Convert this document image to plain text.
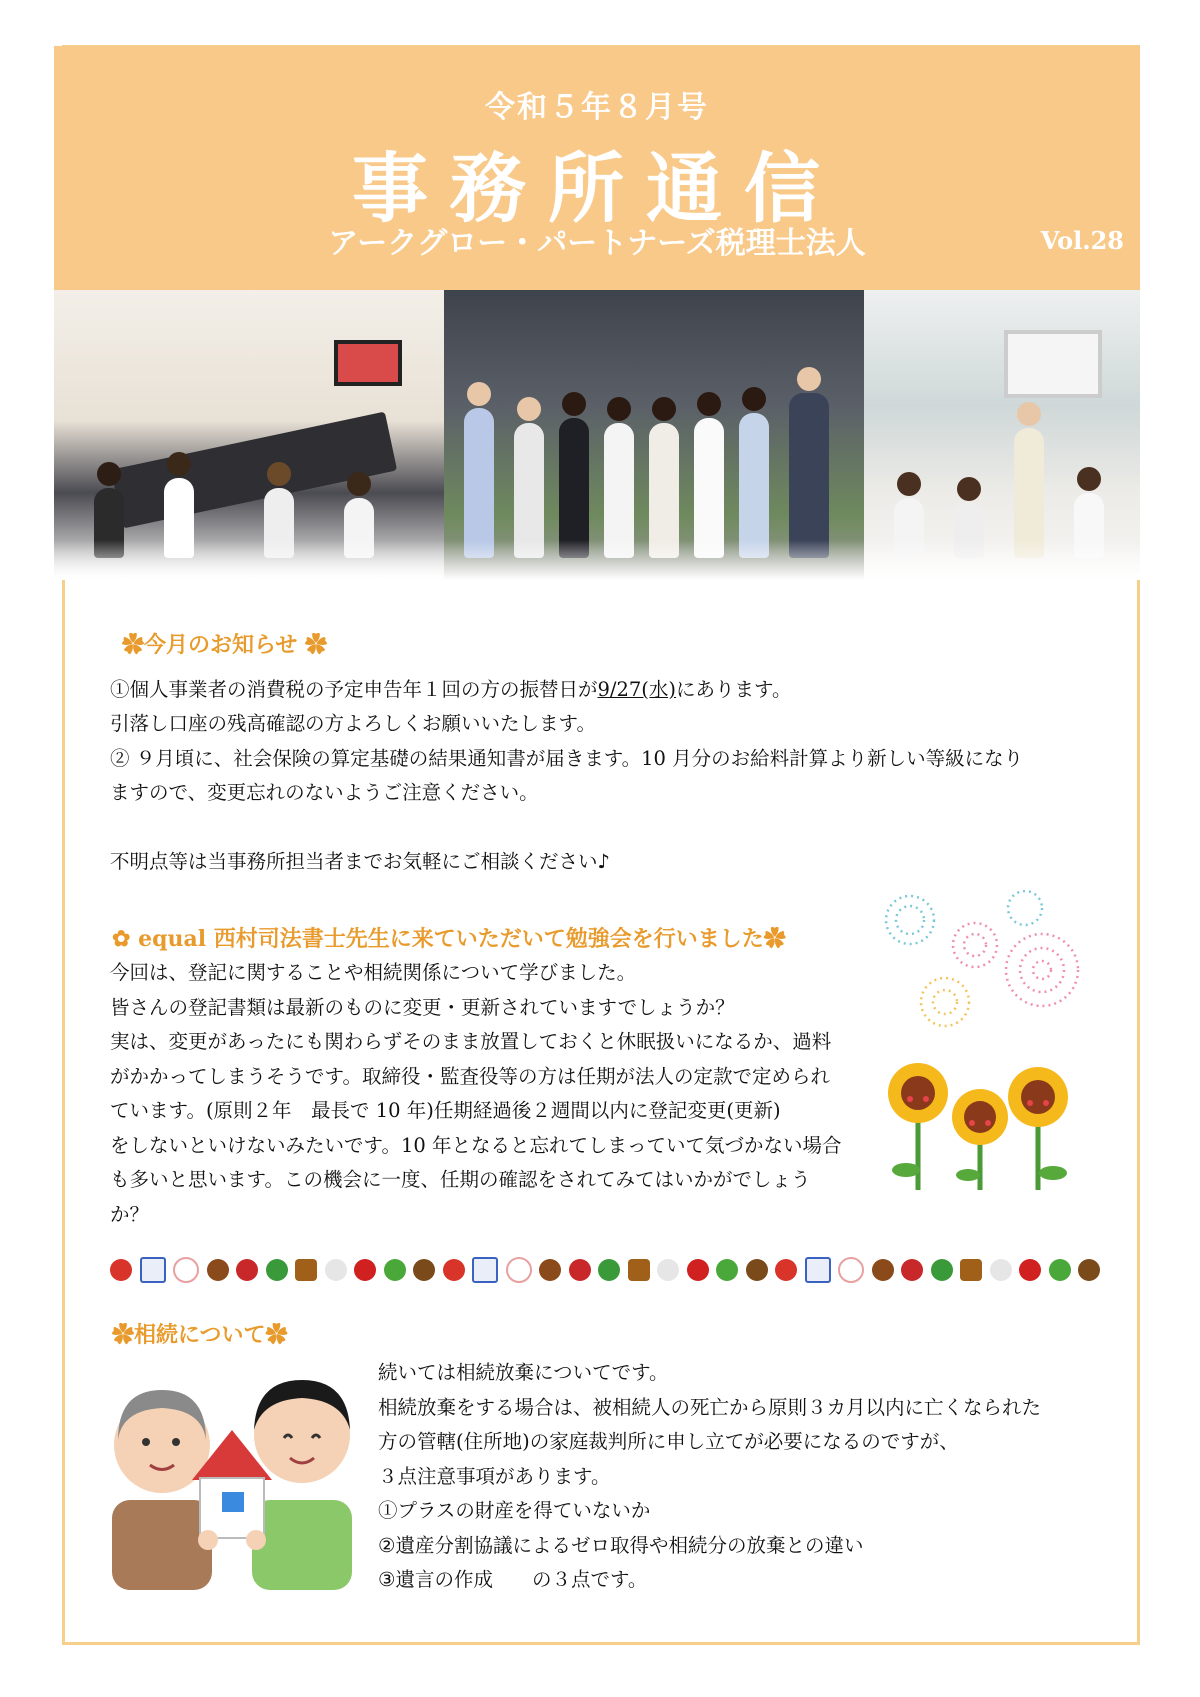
令和５年８月号
事務所通信
アークグロー・パートナーズ税理士法人	Vol.28
✿今月のお知らせ ✿
①個人事業者の消費税の予定申告年１回の方の振替日が9/27(水)にあります。
引落し口座の残高確認の方よろしくお願いいたします。
② ９月頃に、社会保険の算定基礎の結果通知書が届きます。10 月分のお給料計算より新しい等級になり
ますので、変更忘れのないようご注意ください。
不明点等は当事務所担当者までお気軽にご相談ください♪
✿ equal 西村司法書士先生に来ていただいて勉強会を行いました✿
今回は、登記に関することや相続関係について学びました。
皆さんの登記書類は最新のものに変更・更新されていますでしょうか？
実は、変更があったにも関わらずそのまま放置しておくと休眠扱いになるか、過料
がかかってしまうそうです。取締役・監査役等の方は任期が法人の定款で定められ
ています。(原則２年　最長で 10 年)任期経過後２週間以内に登記変更(更新)
をしないといけないみたいです。10 年となると忘れてしまっていて気づかない場合
も多いと思います。この機会に一度、任期の確認をされてみてはいかがでしょう
か？
✿相続について✿
続いては相続放棄についてです。
相続放棄をする場合は、被相続人の死亡から原則３カ月以内に亡くなられた
方の管轄(住所地)の家庭裁判所に申し立てが必要になるのですが、
３点注意事項があります。
①プラスの財産を得ていないか
②遺産分割協議によるゼロ取得や相続分の放棄との違い
③遺言の作成　　の３点です。
